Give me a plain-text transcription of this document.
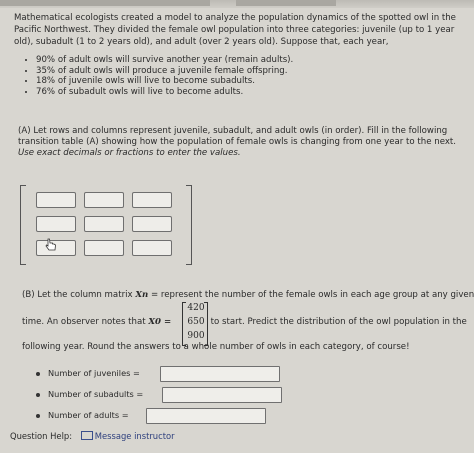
Mathematical ecologists created a model to analyze the population dynamics of the spotted owl in the Pacific Northwest. They divided the female owl population into three categories: juvenile (up to 1 year old), subadult (1 to 2 years old), and adult (over 2 years old). Suppose that, each year,

• 90% of adult owls will survive another year (remain adults).
• 35% of adult owls will produce a juvenile female offspring.
• 18% of juvenile owls will live to become subadults.
• 76% of subadult owls will live to become adults.
(A) Let rows and columns represent juvenile, subadult, and adult owls (in order). Fill in the following transition table (A) showing how the population of female owls is changing from one year to the next. Use exact decimals or fractions to enter the values.
(B) Let the column matrix Xn = represent the number of the female owls in each age group at any given
time. An observer notes that X0 =	to start. Predict the distribution of the owl population in the
420
650
900
following year. Round the answers to a whole number of owls in each category, of course!
Number of juveniles =
Number of subadults =
Number of adults =
Question Help:	Message instructor
